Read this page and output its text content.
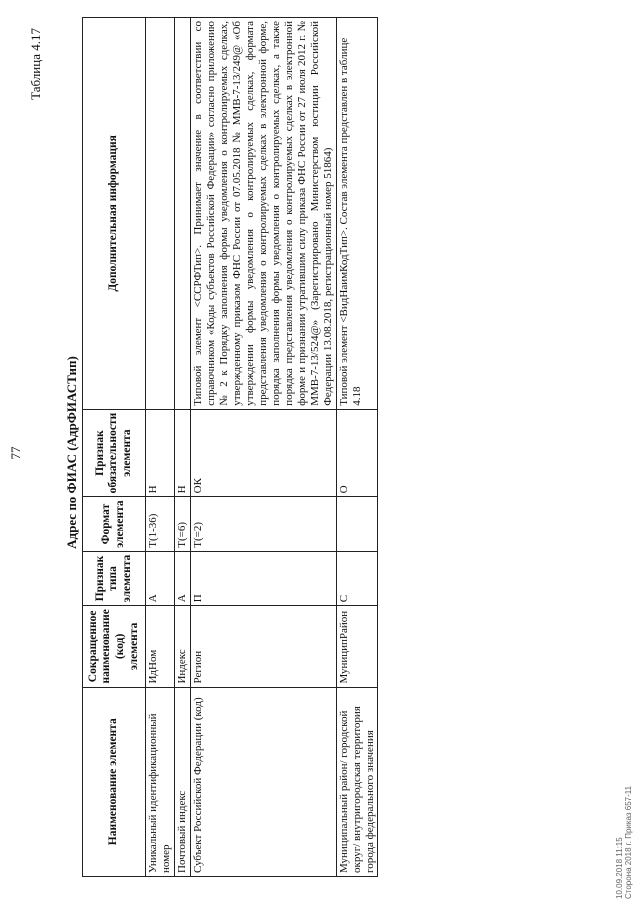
77
Таблица 4.17
Адрес по ФИАС (АдрФИАСТип)
Наименование элемента	Сокращенное наименование (код) элемента	Признак типа элемента	Формат элемента	Признак обязательности элемента	Дополнительная информация
Уникальный идентификационный номер	ИдНом	А	T(1-36)	Н	
Почтовый индекс	Индекс	А	T(=6)	Н	
Субъект Российской Федерации (код)	Регион	П	T(=2)	ОК	Типовой элемент <ССРФТип>. Принимает значение в соответствии со справочником «Коды субъектов Российской Федерации» согласно приложению № 2 к Порядку заполнения формы уведомления о контролируемых сделках, утвержденному приказом ФНС России от 07.05.2018 № ММВ-7-13/249@ «Об утверждении формы уведомления о контролируемых сделках, формата представления уведомления о контролируемых сделках в электронной форме, порядка заполнения формы уведомления о контролируемых сделках, а также порядка представления уведомления о контролируемых сделках в электронной форме и признании утратившим силу приказа ФНС России от 27 июля 2012 г. № ММВ-7-13/524@» (Зарегистрировано Министерством юстиции Российской Федерации 13.08.2018, регистрационный номер 51864)
Муниципальный район/ городской округ/ внутригородская территория города федерального значения	МуниципРайон	С		О	Типовой элемент <ВидНаимКодТип>. Состав элемента представлен в таблице 4.18
10.09.2018 11:15 Сторона 2018 г. Приказ 657-11
